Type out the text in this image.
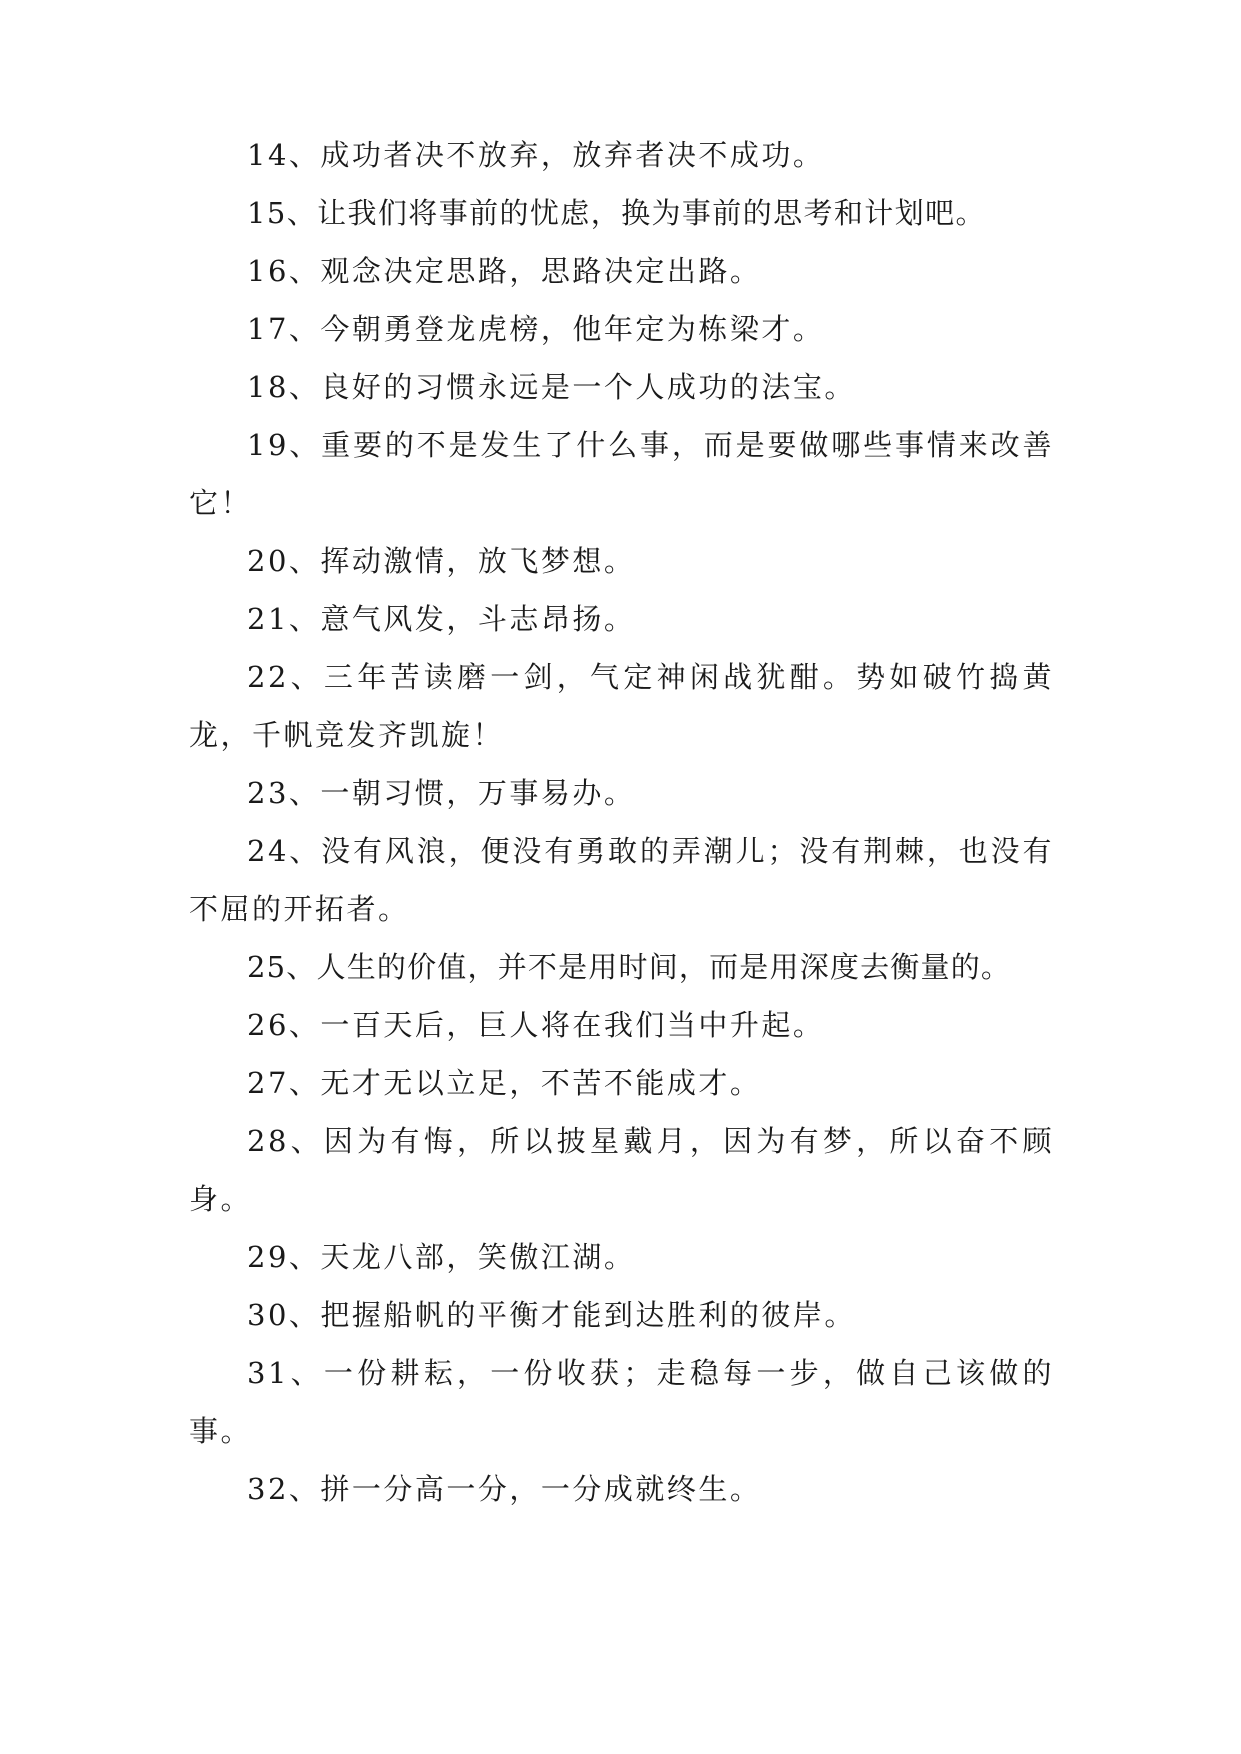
14、成功者决不放弃，放弃者决不成功。

15、让我们将事前的忧虑，换为事前的思考和计划吧。

16、观念决定思路，思路决定出路。

17、今朝勇登龙虎榜，他年定为栋梁才。

18、良好的习惯永远是一个人成功的法宝。

19、重要的不是发生了什么事，而是要做哪些事情来改善它！

20、挥动激情，放飞梦想。

21、意气风发，斗志昂扬。

22、三年苦读磨一剑，气定神闲战犹酣。势如破竹捣黄龙，千帆竞发齐凯旋！

23、一朝习惯，万事易办。

24、没有风浪，便没有勇敢的弄潮儿；没有荆棘，也没有不屈的开拓者。

25、人生的价值，并不是用时间，而是用深度去衡量的。

26、一百天后，巨人将在我们当中升起。

27、无才无以立足，不苦不能成才。

28、因为有悔，所以披星戴月，因为有梦，所以奋不顾身。

29、天龙八部，笑傲江湖。

30、把握船帆的平衡才能到达胜利的彼岸。

31、一份耕耘，一份收获；走稳每一步，做自己该做的事。

32、拼一分高一分，一分成就终生。
